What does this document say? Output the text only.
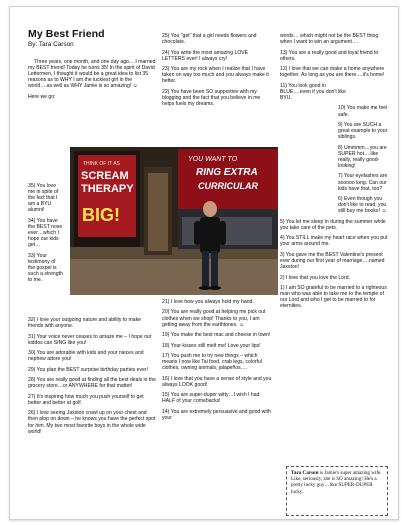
My Best Friend
By: Tara Carson

Three years, one month, and one day ago….I married my BEST friend! Today he turns 35! In the spirit of David Lettermen, I thought it would be a great idea to list 35 reasons as to WHY I am the luckiest girl in the world….as well as WHY Jamie is so amazing! ☺

Here we go:

35) You love me in spite of the fact that I am a BYU alumni!

34) You have the BEST nose ever…which I hope our kids get…

33) Your testimony of the gospel is such a strength to me.

THINK OF IT AS
SCREAM
THERAPY
BIG!
YOU WANT TO
RING EXTRA
CURRICULAR

32) I love your outgoing nature and ability to make friends with anyone.

31) Your voice never ceases to amaze me – I hope our kiddos can SING like you!

30) You are adorable with kids and your nieces and nephew adore you!

29) You plan the BEST surprise birthday parties ever!

28) You are really good at finding all the best deals in the grocery store…or ANYWHERE for that matter!

27) It's inspiring how much you push yourself to get better and better at golf.

26) I love seeing Jaxston crawl up on your chest and then plop on down – he knows you have the perfect spot for him. My two most favorite boys in the whole wide world!

25) You "get" that a girl needs flowers and chocolate.

24) You write the most amazing LOVE LETTERS ever! I always cry!

23) You are my rock when I realize that I have taken on way too much and you always make it better.

22) You have been SO supportive with my blogging and the fact that you believe in me helps fuels my dreams.

21) I love how you always hold my hand.

20) You are really good at helping me pick out clothes when we shop! Thanks to you, I am getting away from the earthtones. ☺

19) You make the best mac and cheese in town!

18) Your kisses still melt me! Love your lips!

17) You push me to try new things – which means I now like Tai food, crab legs, colorful clothes, owning animals, jalapeños….

16) I love that you have a sense of style and you always LOOK good!

15) You are super-duper witty…I wish I had HALF of your comebacks!

14) You are extremely persuasive and good with your

words… which might not be the BEST thing when I want to win an argument….

13) You are a really good and loyal friend to others.

12) I love that we can make a home anywhere together. As long as you are there….it's home!

11) You look good in BLUE….even if you don't like BYU.

10) You make me feel safe.

9) You are SUCH a great example to your siblings.

8) Ummmm…you are SUPER hot….like really, really good-looking!

7) Your eyelashes are sooooo long. Can our kids have that, too?

6) Even though you don't like to read, you still buy me books! ☺

5) You let me sleep in during the summer while you take care of the pets.

4) You STILL make my heart race when you put your arms around me.

3) You gave me the BEST Valentine's present ever during our first year of marriage….named Jaxston!

2) I love that you love the Lord.

1) I am SO grateful to be married to a righteous man who was able to take me to the temple of our Lord and who I get to be married to for eternities.

Tara Carson is Jamie's super amazing wife. Like, seriously, she is SO amazing! He's a pretty lucky guy…like SUPER-DUPER lucky.
